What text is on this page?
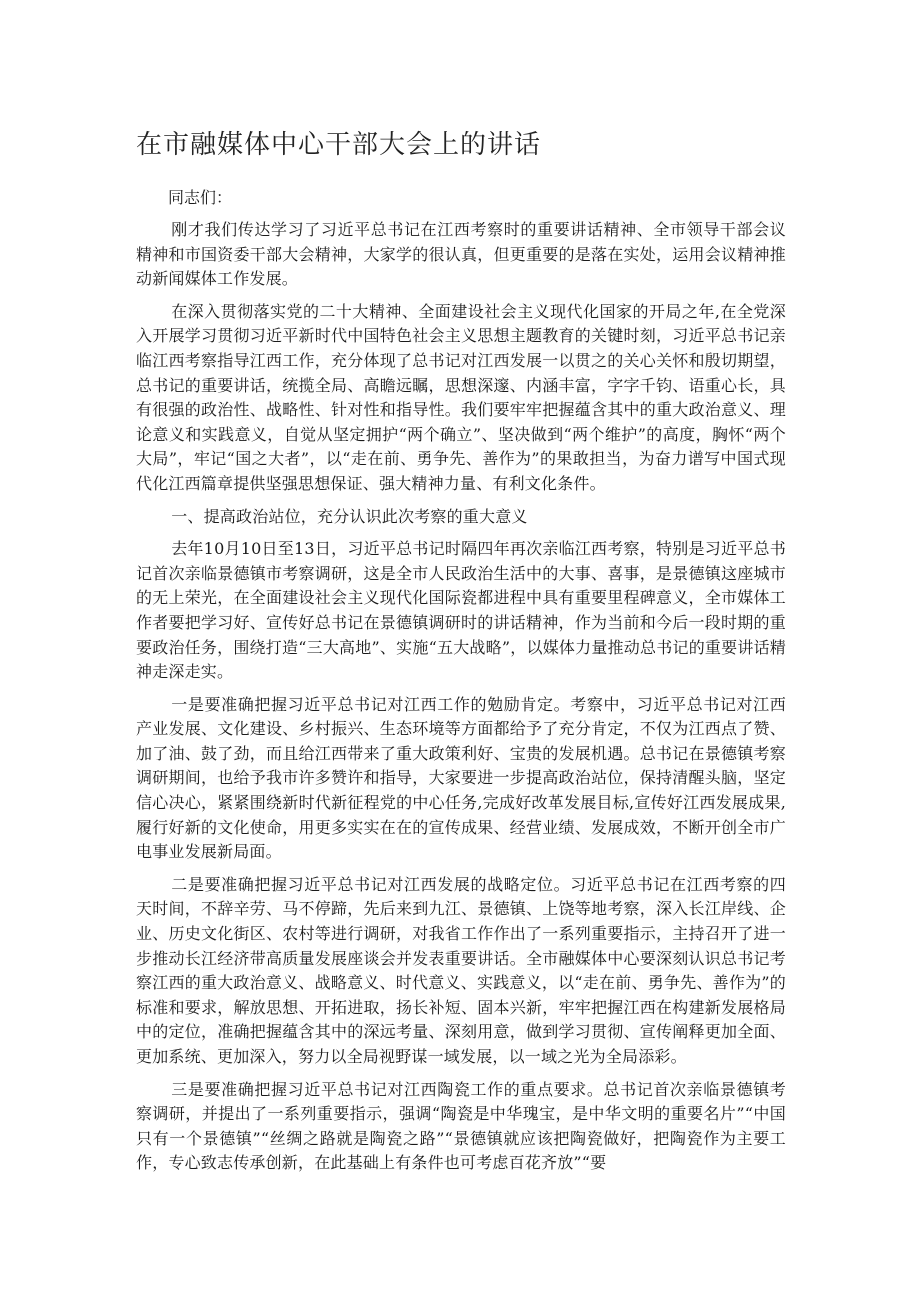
在市融媒体中心干部大会上的讲话

同志们：

刚才我们传达学习了习近平总书记在江西考察时的重要讲话精神、全市领导干部会议精神和市国资委干部大会精神，大家学的很认真，但更重要的是落在实处，运用会议精神推动新闻媒体工作发展。

在深入贯彻落实党的二十大精神、全面建设社会主义现代化国家的开局之年,在全党深入开展学习贯彻习近平新时代中国特色社会主义思想主题教育的关键时刻，习近平总书记亲临江西考察指导江西工作，充分体现了总书记对江西发展一以贯之的关心关怀和殷切期望，总书记的重要讲话，统揽全局、高瞻远瞩，思想深邃、内涵丰富，字字千钧、语重心长，具有很强的政治性、战略性、针对性和指导性。我们要牢牢把握蕴含其中的重大政治意义、理论意义和实践意义，自觉从坚定拥护“两个确立”、坚决做到“两个维护”的高度，胸怀“两个大局”，牢记“国之大者”，以“走在前、勇争先、善作为”的果敢担当，为奋力谱写中国式现代化江西篇章提供坚强思想保证、强大精神力量、有利文化条件。

一、提高政治站位，充分认识此次考察的重大意义

去年10月10日至13日，习近平总书记时隔四年再次亲临江西考察，特别是习近平总书记首次亲临景德镇市考察调研，这是全市人民政治生活中的大事、喜事，是景德镇这座城市的无上荣光，在全面建设社会主义现代化国际瓷都进程中具有重要里程碑意义，全市媒体工作者要把学习好、宣传好总书记在景德镇调研时的讲话精神，作为当前和今后一段时期的重要政治任务，围绕打造“三大高地”、实施“五大战略”，以媒体力量推动总书记的重要讲话精神走深走实。

一是要准确把握习近平总书记对江西工作的勉励肯定。考察中，习近平总书记对江西产业发展、文化建设、乡村振兴、生态环境等方面都给予了充分肯定，不仅为江西点了赞、加了油、鼓了劲，而且给江西带来了重大政策利好、宝贵的发展机遇。总书记在景德镇考察调研期间，也给予我市许多赞许和指导，大家要进一步提高政治站位，保持清醒头脑，坚定信心决心，紧紧围绕新时代新征程党的中心任务,完成好改革发展目标,宣传好江西发展成果,履行好新的文化使命，用更多实实在在的宣传成果、经营业绩、发展成效，不断开创全市广电事业发展新局面。

二是要准确把握习近平总书记对江西发展的战略定位。习近平总书记在江西考察的四天时间，不辞辛劳、马不停蹄，先后来到九江、景德镇、上饶等地考察，深入长江岸线、企业、历史文化街区、农村等进行调研，对我省工作作出了一系列重要指示，主持召开了进一步推动长江经济带高质量发展座谈会并发表重要讲话。全市融媒体中心要深刻认识总书记考察江西的重大政治意义、战略意义、时代意义、实践意义，以“走在前、勇争先、善作为”的标准和要求，解放思想、开拓进取，扬长补短、固本兴新，牢牢把握江西在构建新发展格局中的定位，准确把握蕴含其中的深远考量、深刻用意，做到学习贯彻、宣传阐释更加全面、更加系统、更加深入，努力以全局视野谋一域发展，以一域之光为全局添彩。

三是要准确把握习近平总书记对江西陶瓷工作的重点要求。总书记首次亲临景德镇考察调研，并提出了一系列重要指示，强调“陶瓷是中华瑰宝，是中华文明的重要名片”“中国只有一个景德镇”“丝绸之路就是陶瓷之路”“景德镇就应该把陶瓷做好，把陶瓷作为主要工作，专心致志传承创新，在此基础上有条件也可考虑百花齐放”“要
